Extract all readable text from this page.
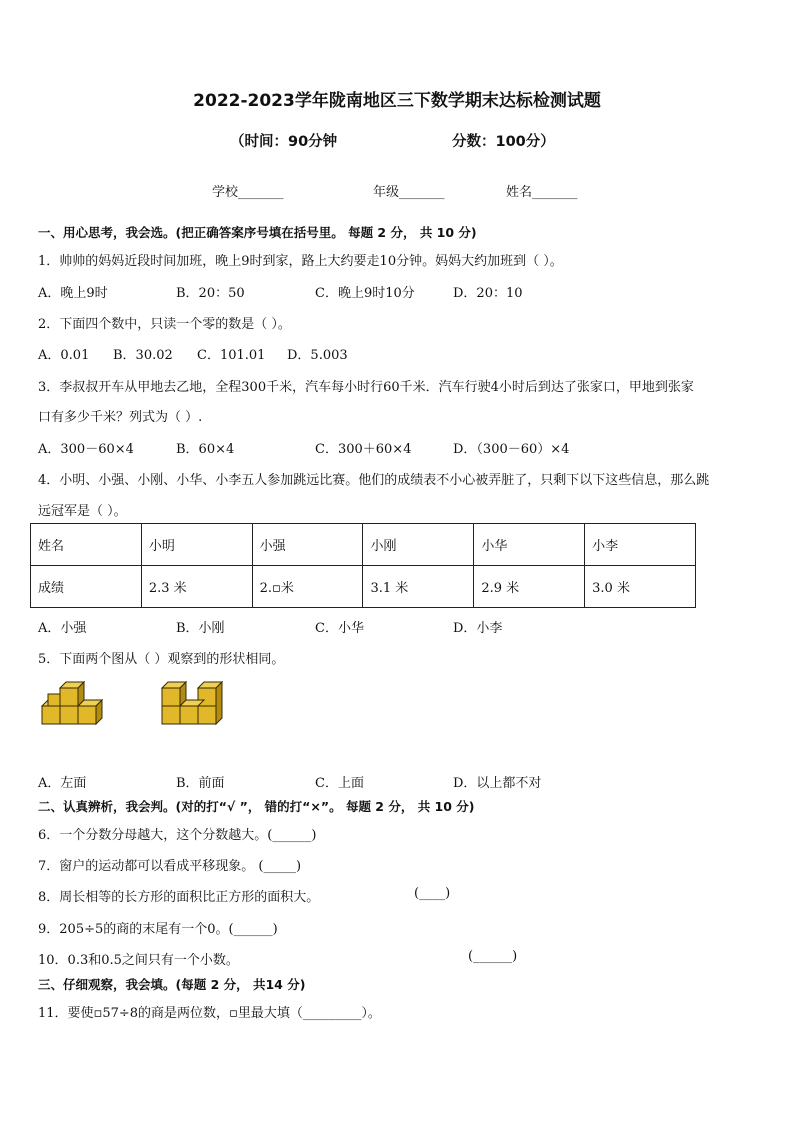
2022-2023学年陇南地区三下数学期末达标检测试题
（时间：90分钟	分数：100分）
学校_______	年级_______	姓名_______
一、用心思考，我会选。(把正确答案序号填在括号里。 每题 2 分， 共 10 分)
1．帅帅的妈妈近段时间加班，晚上9时到家，路上大约要走10分钟。妈妈大约加班到（ ）。
A．晚上9时	B．20：50	C．晚上9时10分	D．20：10
2．下面四个数中，只读一个零的数是（ ）。
A．0.01 B．30.02 C．101.01 D．5.003
3．李叔叔开车从甲地去乙地，全程300千米，汽车每小时行60千米．汽车行驶4小时后到达了张家口，甲地到张家
口有多少千米？列式为（ ）.
A．300－60×4	B．60×4	C．300＋60×4	D．（300－60）×4
4．小明、小强、小刚、小华、小李五人参加跳远比赛。他们的成绩表不小心被弄脏了，只剩下以下这些信息，那么跳
远冠军是（ ）。
姓名	小明	小强	小刚	小华	小李
成绩	2.3 米	2.▫米	3.1 米	2.9 米	3.0 米
A．小强	B．小刚	C．小华	D．小李
5．下面两个图从（ ）观察到的形状相同。
A．左面	B．前面	C．上面	D．以上都不对
二、认真辨析，我会判。(对的打“√ ”， 错的打“×”。 每题 2 分， 共 10 分)
6．一个分数分母越大，这个分数越大。(______)
7．窗户的运动都可以看成平移现象。 (_____)
8．周长相等的长方形的面积比正方形的面积大。	(____)
9．205÷5的商的末尾有一个0。(______)
10．0.3和0.5之间只有一个小数。	(______)
三、仔细观察，我会填。(每题 2 分， 共14 分)
11．要使▫57÷8的商是两位数，▫里最大填（_________）。
